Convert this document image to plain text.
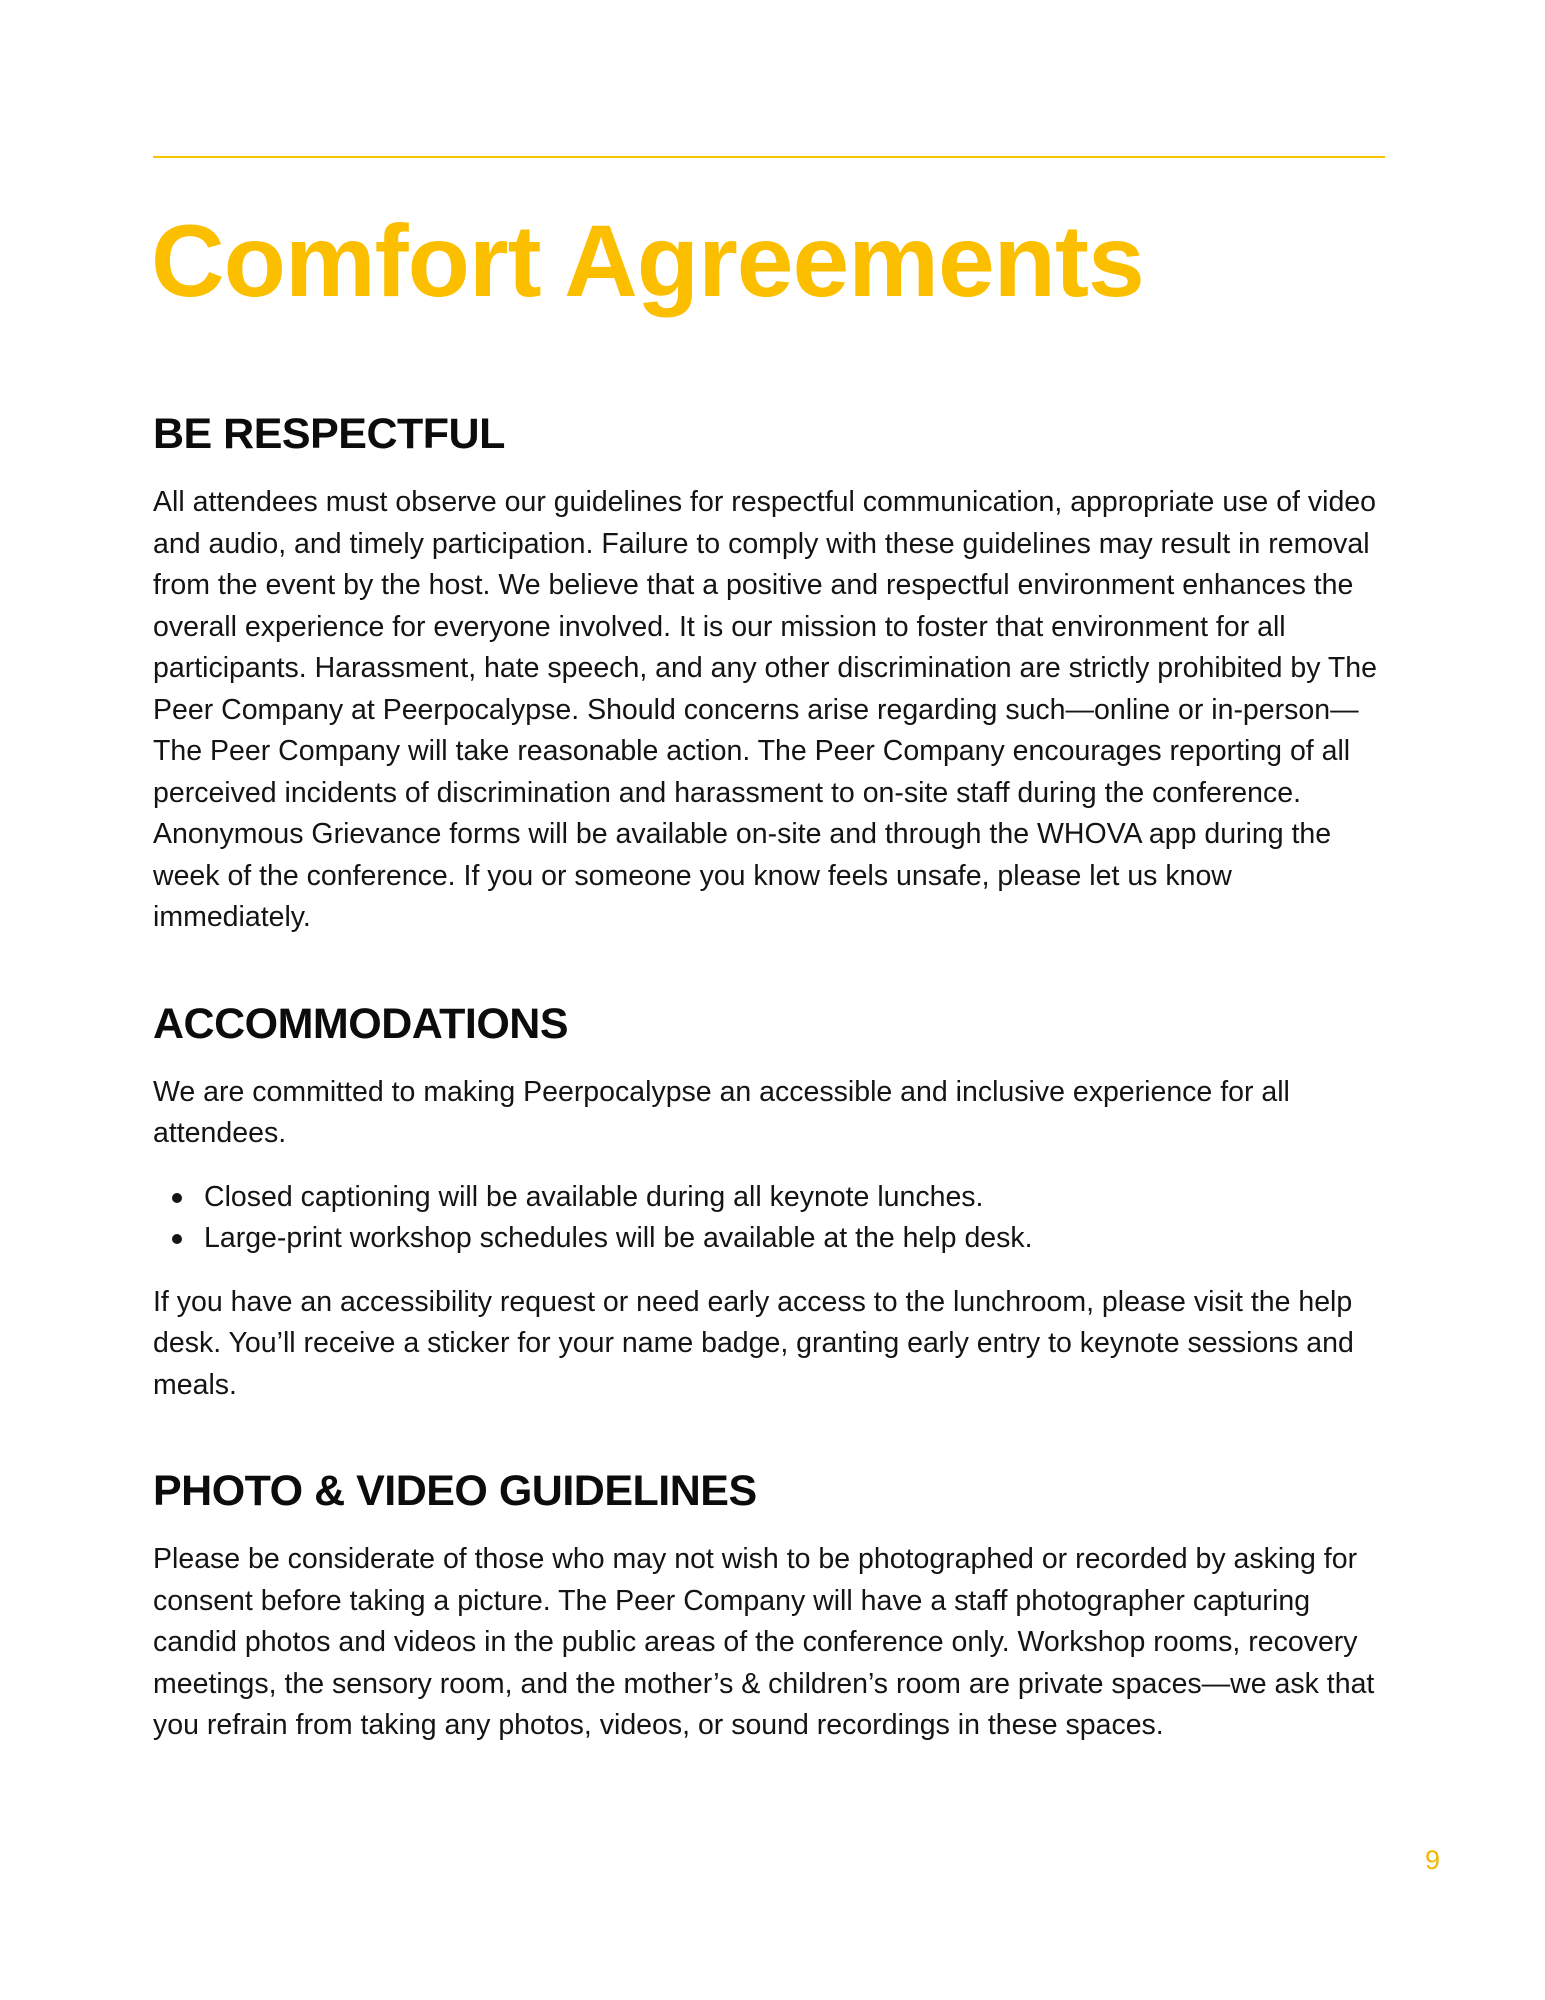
Comfort Agreements
BE RESPECTFUL

All attendees must observe our guidelines for respectful communication, appropriate use of video and audio, and timely participation. Failure to comply with these guidelines may result in removal from the event by the host. We believe that a positive and respectful environment enhances the overall experience for everyone involved. It is our mission to foster that environment for all participants. Harassment, hate speech, and any other discrimination are strictly prohibited by The Peer Company at Peerpocalypse. Should concerns arise regarding such—online or in-person—The Peer Company will take reasonable action. The Peer Company encourages reporting of all perceived incidents of discrimination and harassment to on-site staff during the conference. Anonymous Grievance forms will be available on-site and through the WHOVA app during the week of the conference. If you or someone you know feels unsafe, please let us know immediately.

ACCOMMODATIONS

We are committed to making Peerpocalypse an accessible and inclusive experience for all attendees.

Closed captioning will be available during all keynote lunches.
Large-print workshop schedules will be available at the help desk.

If you have an accessibility request or need early access to the lunchroom, please visit the help desk. You’ll receive a sticker for your name badge, granting early entry to keynote sessions and meals.

PHOTO & VIDEO GUIDELINES

Please be considerate of those who may not wish to be photographed or recorded by asking for consent before taking a picture. The Peer Company will have a staff photographer capturing candid photos and videos in the public areas of the conference only. Workshop rooms, recovery meetings, the sensory room, and the mother’s & children’s room are private spaces—we ask that you refrain from taking any photos, videos, or sound recordings in these spaces.

9
